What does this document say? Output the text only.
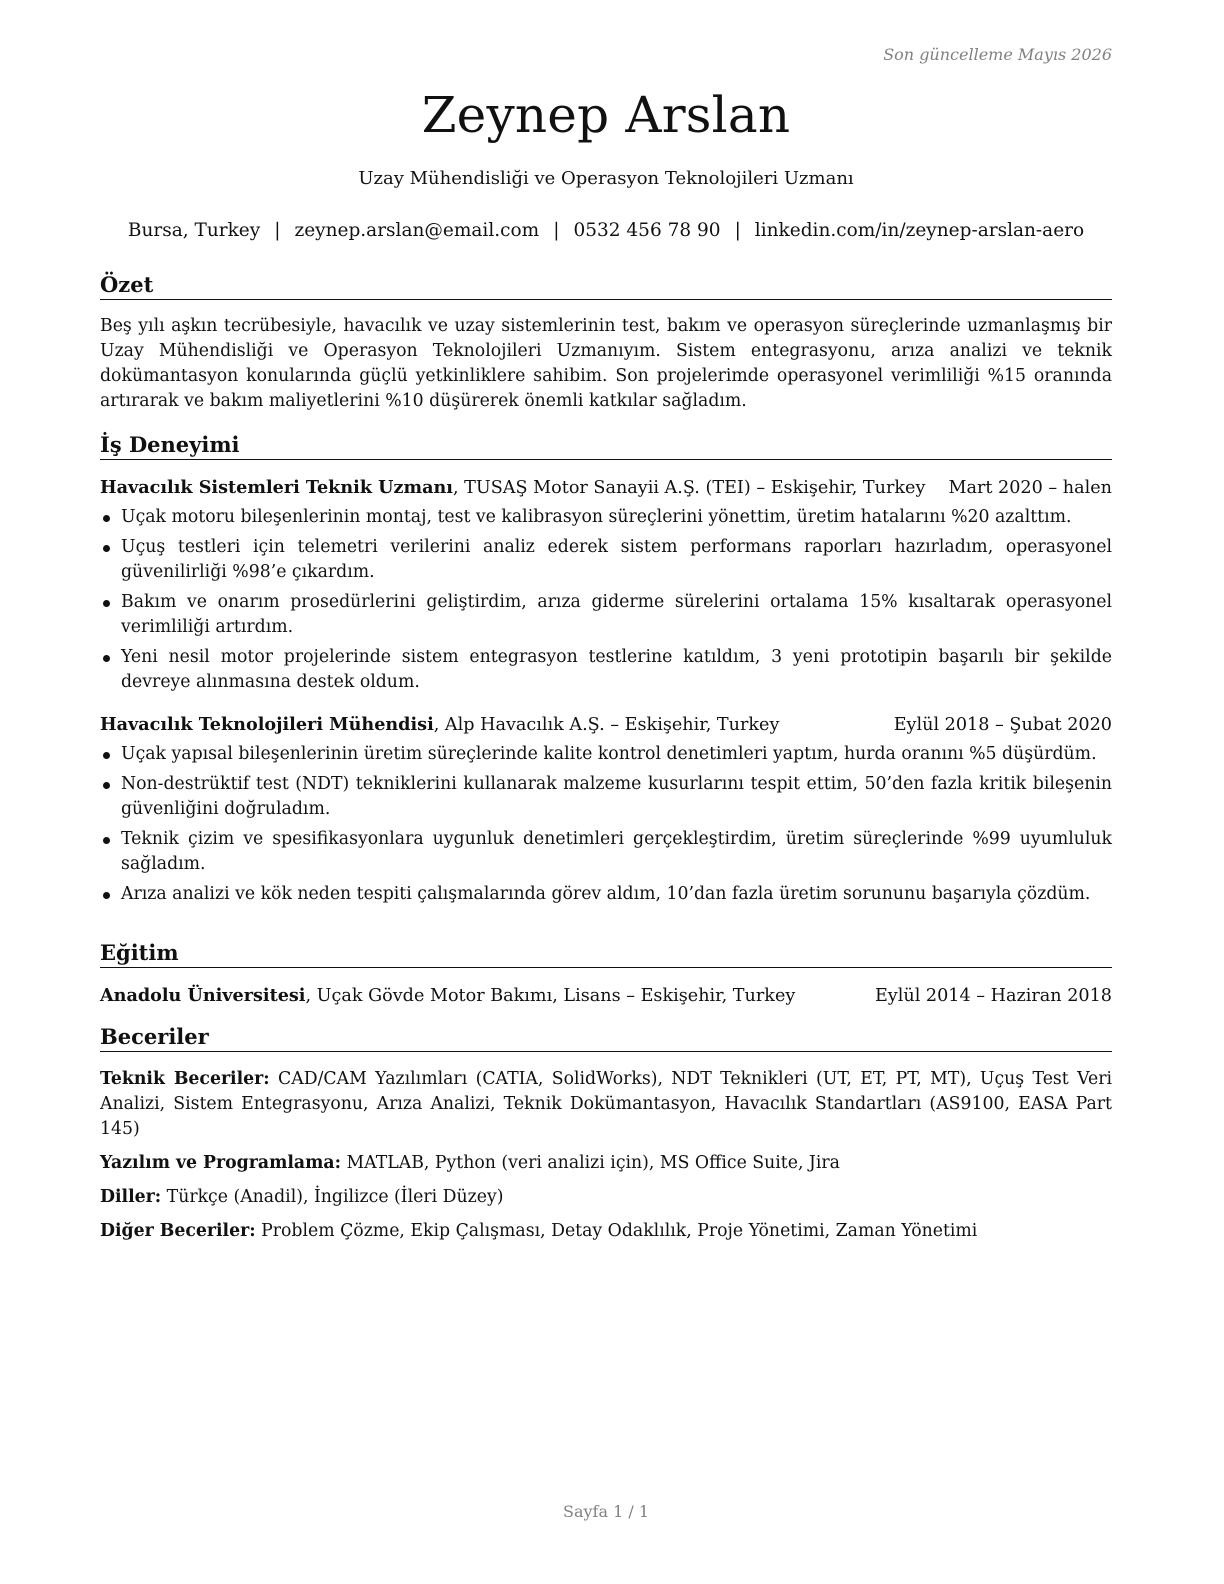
Son güncelleme Mayıs 2026
Zeynep Arslan
Uzay Mühendisliği ve Operasyon Teknolojileri Uzmanı
Bursa, Turkey | zeynep.arslan@email.com | 0532 456 78 90 | linkedin.com/in/zeynep-arslan-aero
Özet
Beş yılı aşkın tecrübesiyle, havacılık ve uzay sistemlerinin test, bakım ve operasyon süreçlerinde uzmanlaşmış bir Uzay Mühendisliği ve Operasyon Teknolojileri Uzmanıyım. Sistem entegrasyonu, arıza analizi ve teknik dokümantasyon konularında güçlü yetkinliklere sahibim. Son projelerimde operasyonel verimliliği %15 oranında artırarak ve bakım maliyetlerini %10 düşürerek önemli katkılar sağladım.
İş Deneyimi
Havacılık Sistemleri Teknik Uzmanı, TUSAŞ Motor Sanayii A.Ş. (TEI) – Eskişehir, Turkey Mart 2020 – halen
Uçak motoru bileşenlerinin montaj, test ve kalibrasyon süreçlerini yönettim, üretim hatalarını %20 azalttım.
Uçuş testleri için telemetri verilerini analiz ederek sistem performans raporları hazırladım, operasyonel güvenilirliği %98’e çıkardım.
Bakım ve onarım prosedürlerini geliştirdim, arıza giderme sürelerini ortalama 15% kısaltarak operasyonel verimliliği artırdım.
Yeni nesil motor projelerinde sistem entegrasyon testlerine katıldım, 3 yeni prototipin başarılı bir şekilde devreye alınmasına destek oldum.
Havacılık Teknolojileri Mühendisi, Alp Havacılık A.Ş. – Eskişehir, Turkey	Eylül 2018 – Şubat 2020
Uçak yapısal bileşenlerinin üretim süreçlerinde kalite kontrol denetimleri yaptım, hurda oranını %5 düşürdüm.
Non-destrüktif test (NDT) tekniklerini kullanarak malzeme kusurlarını tespit ettim, 50’den fazla kritik bileşenin güvenliğini doğruladım.
Teknik çizim ve spesifikasyonlara uygunluk denetimleri gerçekleştirdim, üretim süreçlerinde %99 uyumluluk sağladım.
Arıza analizi ve kök neden tespiti çalışmalarında görev aldım, 10’dan fazla üretim sorununu başarıyla çözdüm.
Eğitim
Anadolu Üniversitesi, Uçak Gövde Motor Bakımı, Lisans – Eskişehir, Turkey	Eylül 2014 – Haziran 2018
Beceriler
Teknik Beceriler: CAD/CAM Yazılımları (CATIA, SolidWorks), NDT Teknikleri (UT, ET, PT, MT), Uçuş Test Veri Analizi, Sistem Entegrasyonu, Arıza Analizi, Teknik Dokümantasyon, Havacılık Standartları (AS9100, EASA Part 145)
Yazılım ve Programlama: MATLAB, Python (veri analizi için), MS Office Suite, Jira
Diller: Türkçe (Anadil), İngilizce (İleri Düzey)
Diğer Beceriler: Problem Çözme, Ekip Çalışması, Detay Odaklılık, Proje Yönetimi, Zaman Yönetimi
Sayfa 1 / 1
